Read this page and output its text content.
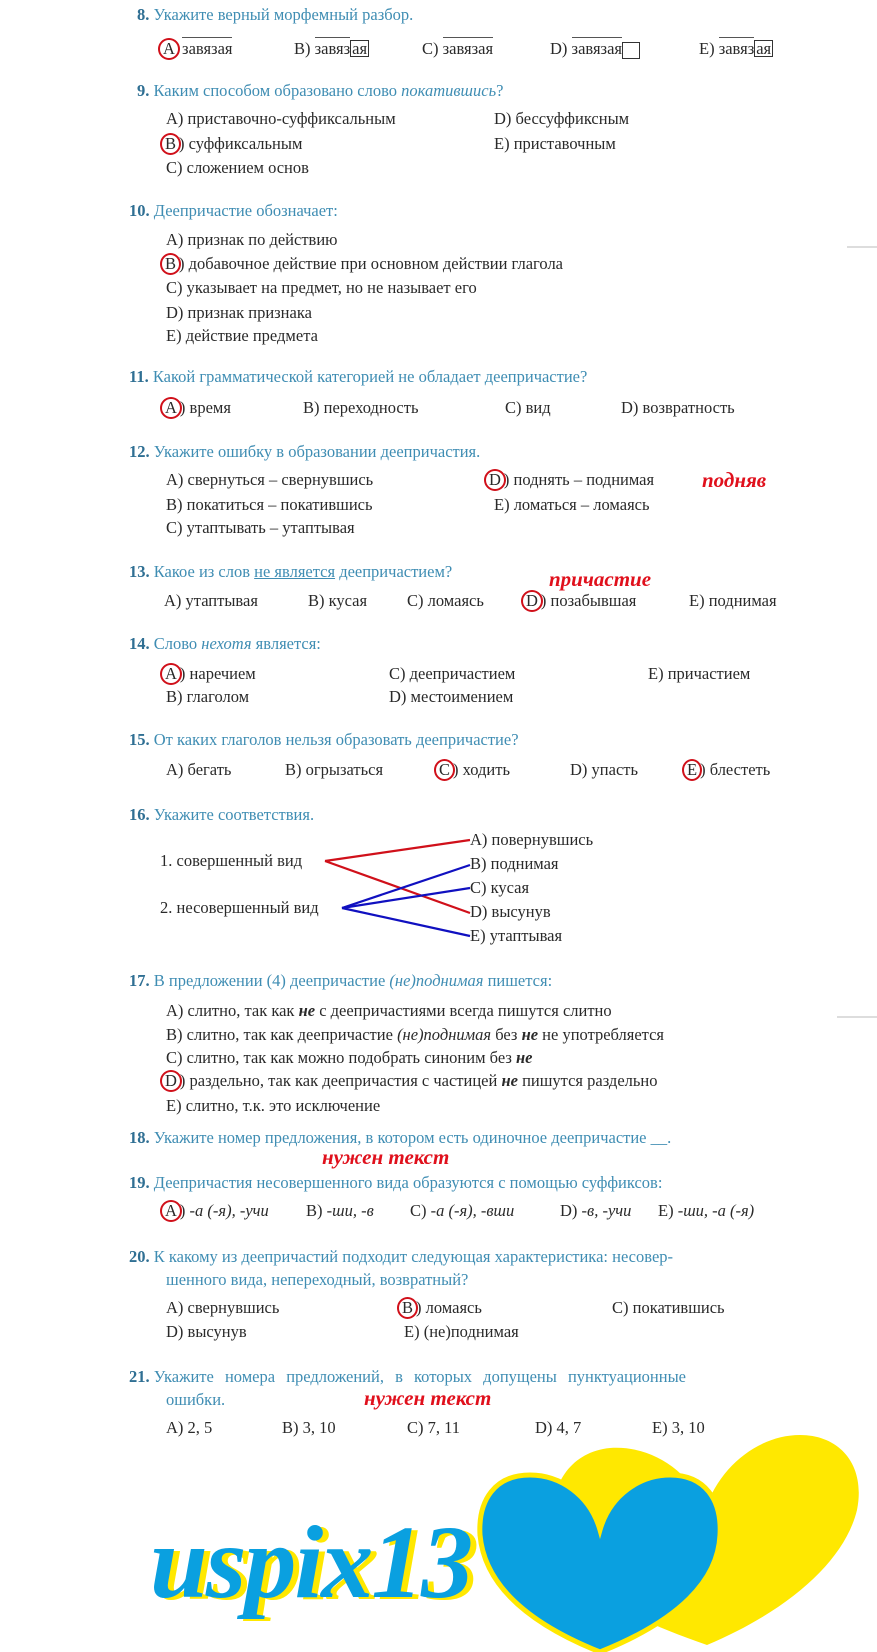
8. Укажите верный морфемный разбор.
A завязая	B) завяз ая	C) завязая	D) завязая	E) завяз ая
9. Каким способом образовано слово покатившись?
A) приставочно-суффиксальным
B ) суффиксальным
C) сложением основ
D) бессуффиксным
E) приставочным
10. Деепричастие обозначает:
A) признак по действию
B ) добавочное действие при основном действии глагола
C) указывает на предмет, но не называет его
D) признак признака
E) действие предмета
11. Какой грамматической категорией не обладает деепричастие?
A ) время	B) переходность	C) вид	D) возвратность
12. Укажите ошибку в образовании деепричастия.
A) свернуться – свернувшись
B) покатиться – покатившись
C) утаптывать – утаптывая
D ) поднять – поднимая
E) ломаться – ломаясь
подняв
13. Какое из слов не является деепричастием?	причастие
A) утаптывая	B) кусая C) ломаясь	D ) позабывшая	E) поднимая
14. Слово нехотя является:
A ) наречием
B) глаголом
C) деепричастием
D) местоимением
E) причастием
15. От каких глаголов нельзя образовать деепричастие?
A) бегать	B) огрызаться	C ) ходить	D) упасть	E ) блестеть
16. Укажите соответствия.
1. совершенный вид
2. несовершенный вид
A) повернувшись
B) поднимая
C) кусая
D) высунув
E) утаптывая
17. В предложении (4) деепричастие (не)поднимая пишется:
A) слитно, так как не с деепричастиями всегда пишутся слитно
B) слитно, так как деепричастие (не)поднимая без не не употребляется
C) слитно, так как можно подобрать синоним без не
D ) раздельно, так как деепричастия с частицей не пишутся раздельно
E) слитно, т.к. это исключение
18. Укажите номер предложения, в котором есть одиночное деепричастие __.
нужен текст
19. Деепричастия несовершенного вида образуются с помощью суффиксов:
A ) -а (-я), -учи B) -ши, -в C) -а (-я), -вши	D) -в, -учи E) -ши, -а (-я)
20. К какому из деепричастий подходит следующая характеристика: несовер-
шенного вида, непереходный, возвратный?
A) свернувшись	B ) ломаясь	C) покатившись
D) высунув	E) (не)поднимая
21. Укажите номера предложений, в которых допущены пунктуационные
ошибки.	нужен текст
A) 2, 5	B) 3, 10	C) 7, 11	D) 4, 7	E) 3, 10
uspix13
